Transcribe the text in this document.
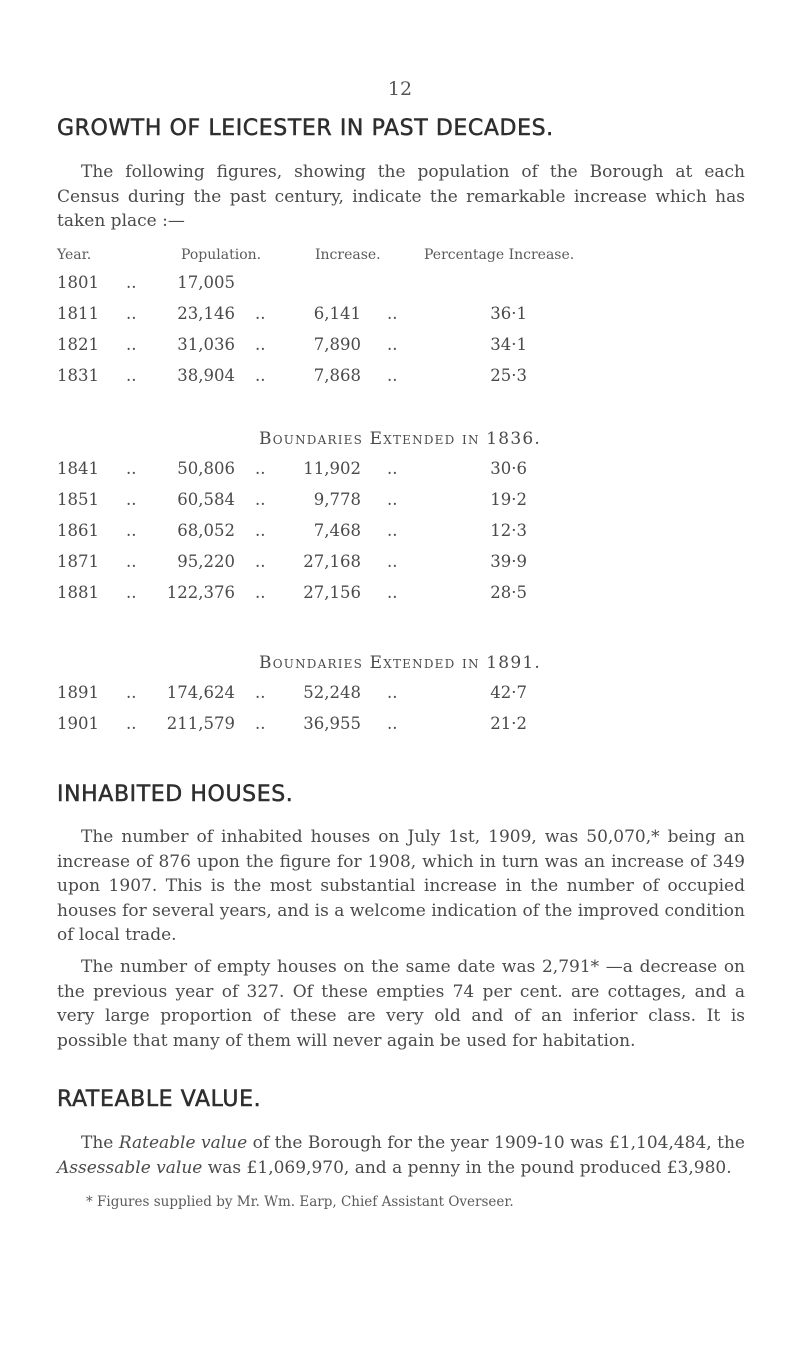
12
GROWTH OF LEICESTER IN PAST DECADES.

The following figures, showing the population of the Borough at each Census during the past century, indicate the remarkable increase which has taken place :—

Year.	Population.	Increase.	Percentage Increase.
1801 ..	17,005
1811 ..	23,146 ..	6,141 ..	36·1
1821 ..	31,036 ..	7,890 ..	34·1
1831 ..	38,904 ..	7,868 ..	25·3
Boundaries Extended in 1836.
1841 ..	50,806 ..	11,902 ..	30·6
1851 ..	60,584 ..	9,778 ..	19·2
1861 ..	68,052 ..	7,468 ..	12·3
1871 ..	95,220 ..	27,168 ..	39·9
1881 ..	122,376 ..	27,156 ..	28·5
Boundaries Extended in 1891.
1891 ..	174,624 ..	52,248 ..	42·7
1901 ..	211,579 ..	36,955 ..	21·2
INHABITED HOUSES.

The number of inhabited houses on July 1st, 1909, was 50,070,* being an increase of 876 upon the figure for 1908, which in turn was an increase of 349 upon 1907. This is the most substantial increase in the number of occupied houses for several years, and is a welcome indication of the improved condition of local trade.

The number of empty houses on the same date was 2,791* —a decrease on the previous year of 327. Of these empties 74 per cent. are cottages, and a very large proportion of these are very old and of an inferior class. It is possible that many of them will never again be used for habitation.

RATEABLE VALUE.

The Rateable value of the Borough for the year 1909-10 was £1,104,484, the Assessable value was £1,069,970, and a penny in the pound produced £3,980.

* Figures supplied by Mr. Wm. Earp, Chief Assistant Overseer.
